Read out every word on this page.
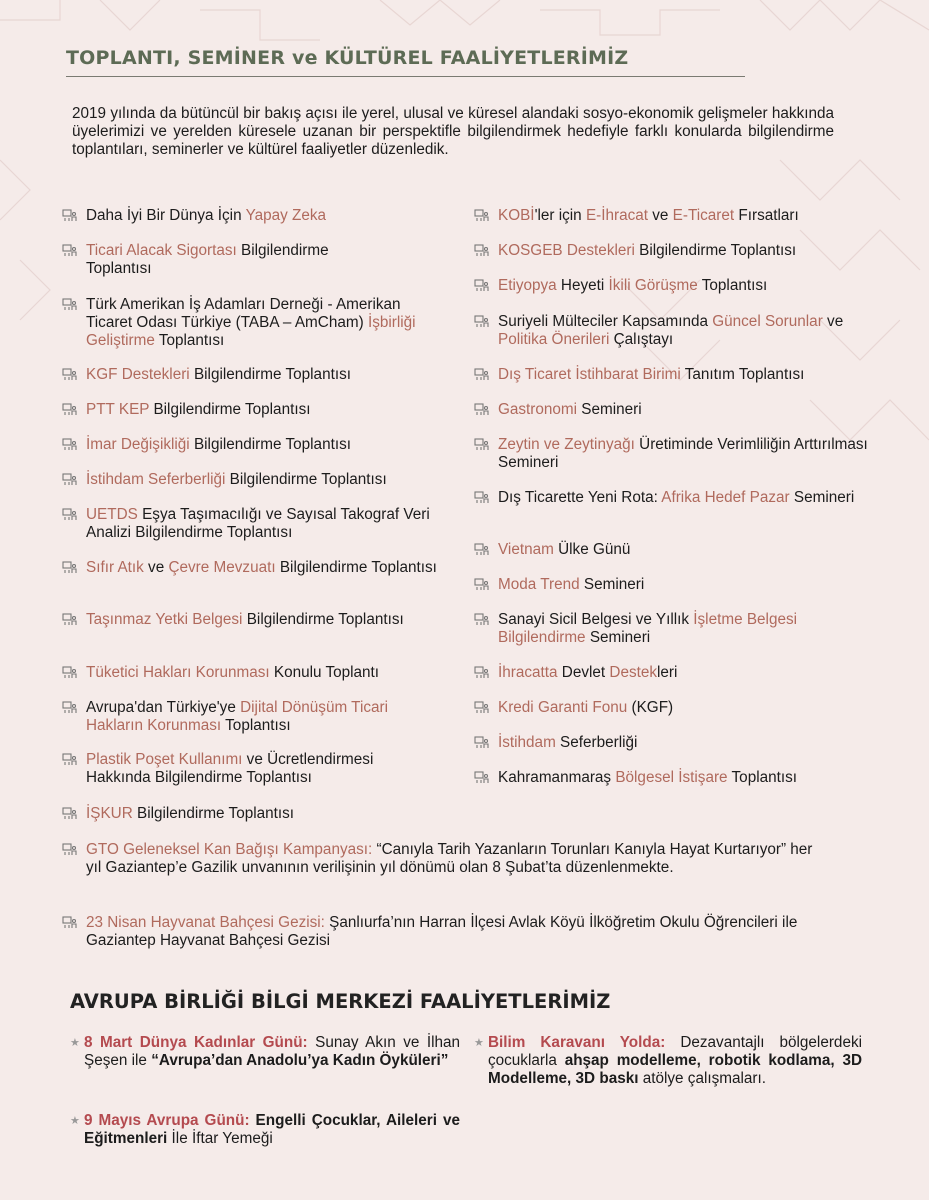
TOPLANTI, SEMİNER ve KÜLTÜREL FAALİYETLERİMİZ
2019 yılında da bütüncül bir bakış açısı ile yerel, ulusal ve küresel alandaki sosyo-ekonomik gelişmeler hakkında üyelerimizi ve yerelden küresele uzanan bir perspektifle bilgilendirmek hedefiyle farklı konularda bilgilendirme toplantıları, seminerler ve kültürel faaliyetler düzenledik.
AVRUPA BİRLİĞİ BİLGİ MERKEZİ FAALİYETLERİMİZ
Daha İyi Bir Dünya İçin Yapay Zeka
Ticari Alacak Sigortası Bilgilendirme Toplantısı
Türk Amerikan İş Adamları Derneği - Amerikan Ticaret Odası Türkiye (TABA – AmCham) İşbirliği Geliştirme Toplantısı
KGF Destekleri Bilgilendirme Toplantısı
PTT KEP Bilgilendirme Toplantısı
İmar Değişikliği Bilgilendirme Toplantısı
İstihdam Seferberliği Bilgilendirme Toplantısı
UETDS Eşya Taşımacılığı ve Sayısal Takograf Veri Analizi Bilgilendirme Toplantısı
Sıfır Atık ve Çevre Mevzuatı Bilgilendirme Toplantısı
Taşınmaz Yetki Belgesi Bilgilendirme Toplantısı
Tüketici Hakları Korunması Konulu Toplantı
Avrupa'dan Türkiye'ye Dijital Dönüşüm Ticari Hakların Korunması Toplantısı
Plastik Poşet Kullanımı ve Ücretlendirmesi Hakkında Bilgilendirme Toplantısı
İŞKUR Bilgilendirme Toplantısı
KOBİ'ler için E-İhracat ve E-Ticaret Fırsatları
KOSGEB Destekleri Bilgilendirme Toplantısı
Etiyopya Heyeti İkili Görüşme Toplantısı
Suriyeli Mülteciler Kapsamında Güncel Sorunlar ve Politika Önerileri Çalıştayı
Dış Ticaret İstihbarat Birimi Tanıtım Toplantısı
Gastronomi Semineri
Zeytin ve Zeytinyağı Üretiminde Verimliliğin Arttırılması Semineri
Dış Ticarette Yeni Rota: Afrika Hedef Pazar Semineri
Vietnam Ülke Günü
Moda Trend Semineri
Sanayi Sicil Belgesi ve Yıllık İşletme Belgesi Bilgilendirme Semineri
İhracatta Devlet Destekleri
Kredi Garanti Fonu (KGF)
İstihdam Seferberliği
Kahramanmaraş Bölgesel İstişare Toplantısı
GTO Geleneksel Kan Bağışı Kampanyası: “Canıyla Tarih Yazanların Torunları Kanıyla Hayat Kurtarıyor” her yıl Gaziantep’e Gazilik unvanının verilişinin yıl dönümü olan 8 Şubat’ta düzenlenmekte.
23 Nisan Hayvanat Bahçesi Gezisi: Şanlıurfa’nın Harran İlçesi Avlak Köyü İlköğretim Okulu Öğrencileri ile Gaziantep Hayvanat Bahçesi Gezisi
★ 8 Mart Dünya Kadınlar Günü: Sunay Akın ve İlhan Şeşen ile “Avrupa’dan Anadolu’ya Kadın Öyküleri”
★ 9 Mayıs Avrupa Günü: Engelli Çocuklar, Aileleri ve Eğitmenleri İle İftar Yemeği
★ Bilim Karavanı Yolda: Dezavantajlı bölgelerdeki çocuklarla ahşap modelleme, robotik kodlama, 3D Modelleme, 3D baskı atölye çalışmaları.
